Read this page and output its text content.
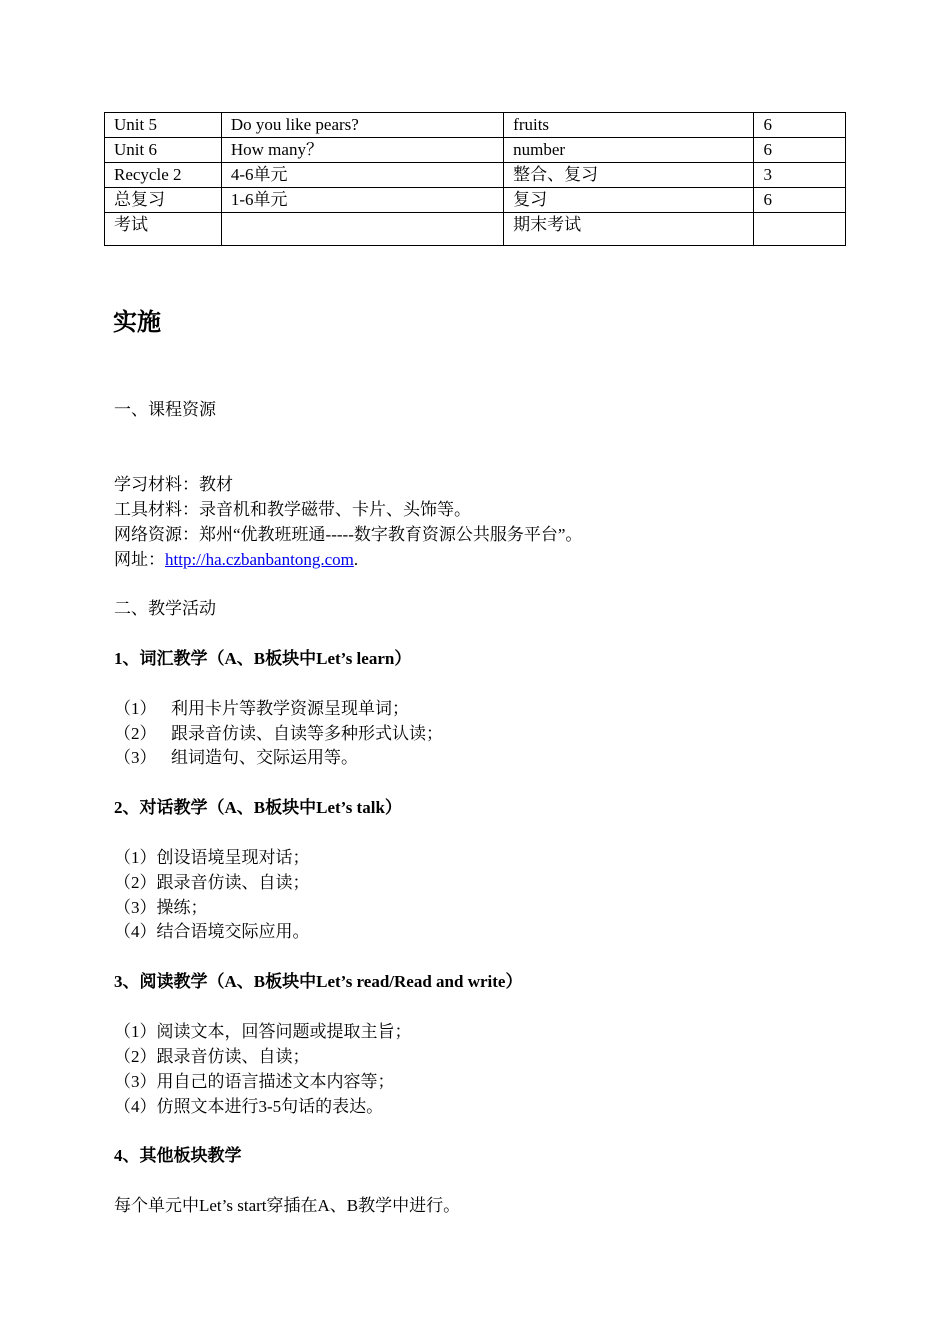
Unit 5	Do you like pears?	fruits	6
Unit 6	How many？	number	6
Recycle 2	4-6单元	整合、复习	3
总复习	1-6单元	复习	6
考试		期末考试	
实施
一、课程资源
学习材料：教材
工具材料：录音机和教学磁带、卡片、头饰等。
网络资源：郑州“优教班班通-----数字教育资源公共服务平台”。
网址：http://ha.czbanbantong.com.
二、教学活动
1、词汇教学（A、B板块中Let’s learn）
（1） 利用卡片等教学资源呈现单词；
（2） 跟录音仿读、自读等多种形式认读；
（3） 组词造句、交际运用等。
2、对话教学（A、B板块中Let’s talk）
（1）创设语境呈现对话；
（2）跟录音仿读、自读；
（3）操练；
（4）结合语境交际应用。
3、阅读教学（A、B板块中Let’s read/Read and write）
（1）阅读文本，回答问题或提取主旨；
（2）跟录音仿读、自读；
（3）用自己的语言描述文本内容等；
（4）仿照文本进行3-5句话的表达。
4、其他板块教学
每个单元中Let’s start穿插在A、B教学中进行。
